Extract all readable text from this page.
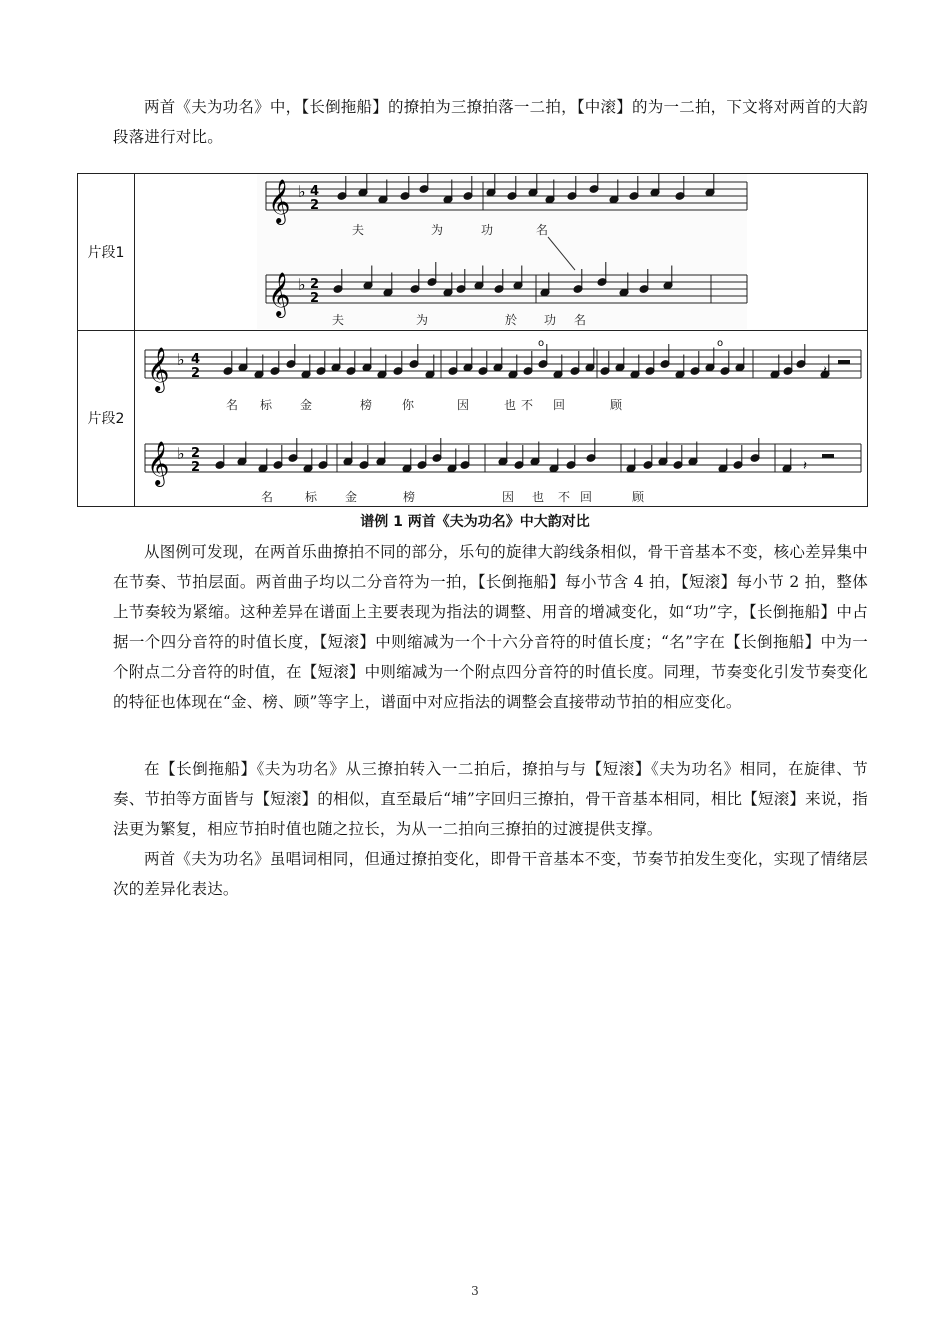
两首《夫为功名》中，【长倒拖船】的撩拍为三撩拍落一二拍，【中滚】的为一二拍，下文将对两首的大韵段落进行对比。

片段1
𝄞 ♭ 4
2
夫	为	功	名
𝄞 ♭ 2
2
夫	为	於 功 名
片段2
𝄞 ♭ 4
2	𝄽
o	o
名 标 金	榜 你	因	也 不 回	顾
𝄞 ♭ 2
2	𝄽
名	标 金	榜	因 也 不 回	顾
谱例 1 两首《夫为功名》中大韵对比

从图例可发现，在两首乐曲撩拍不同的部分，乐句的旋律大韵线条相似，骨干音基本不变，核心差异集中在节奏、节拍层面。两首曲子均以二分音符为一拍，【长倒拖船】每小节含 4 拍，【短滚】每小节 2 拍，整体上节奏较为紧缩。这种差异在谱面上主要表现为指法的调整、用音的增减变化，如“功”字，【长倒拖船】中占据一个四分音符的时值长度，【短滚】中则缩减为一个十六分音符的时值长度；“名”字在【长倒拖船】中为一个附点二分音符的时值，在【短滚】中则缩减为一个附点四分音符的时值长度。同理，节奏变化引发节奏变化的特征也体现在“金、榜、顾”等字上，谱面中对应指法的调整会直接带动节拍的相应变化。

在【长倒拖船】《夫为功名》从三撩拍转入一二拍后，撩拍与与【短滚】《夫为功名》相同，在旋律、节奏、节拍等方面皆与【短滚】的相似，直至最后“埔”字回归三撩拍，骨干音基本相同，相比【短滚】来说，指法更为繁复，相应节拍时值也随之拉长，为从一二拍向三撩拍的过渡提供支撑。

两首《夫为功名》虽唱词相同，但通过撩拍变化，即骨干音基本不变，节奏节拍发生变化，实现了情绪层次的差异化表达。

3
